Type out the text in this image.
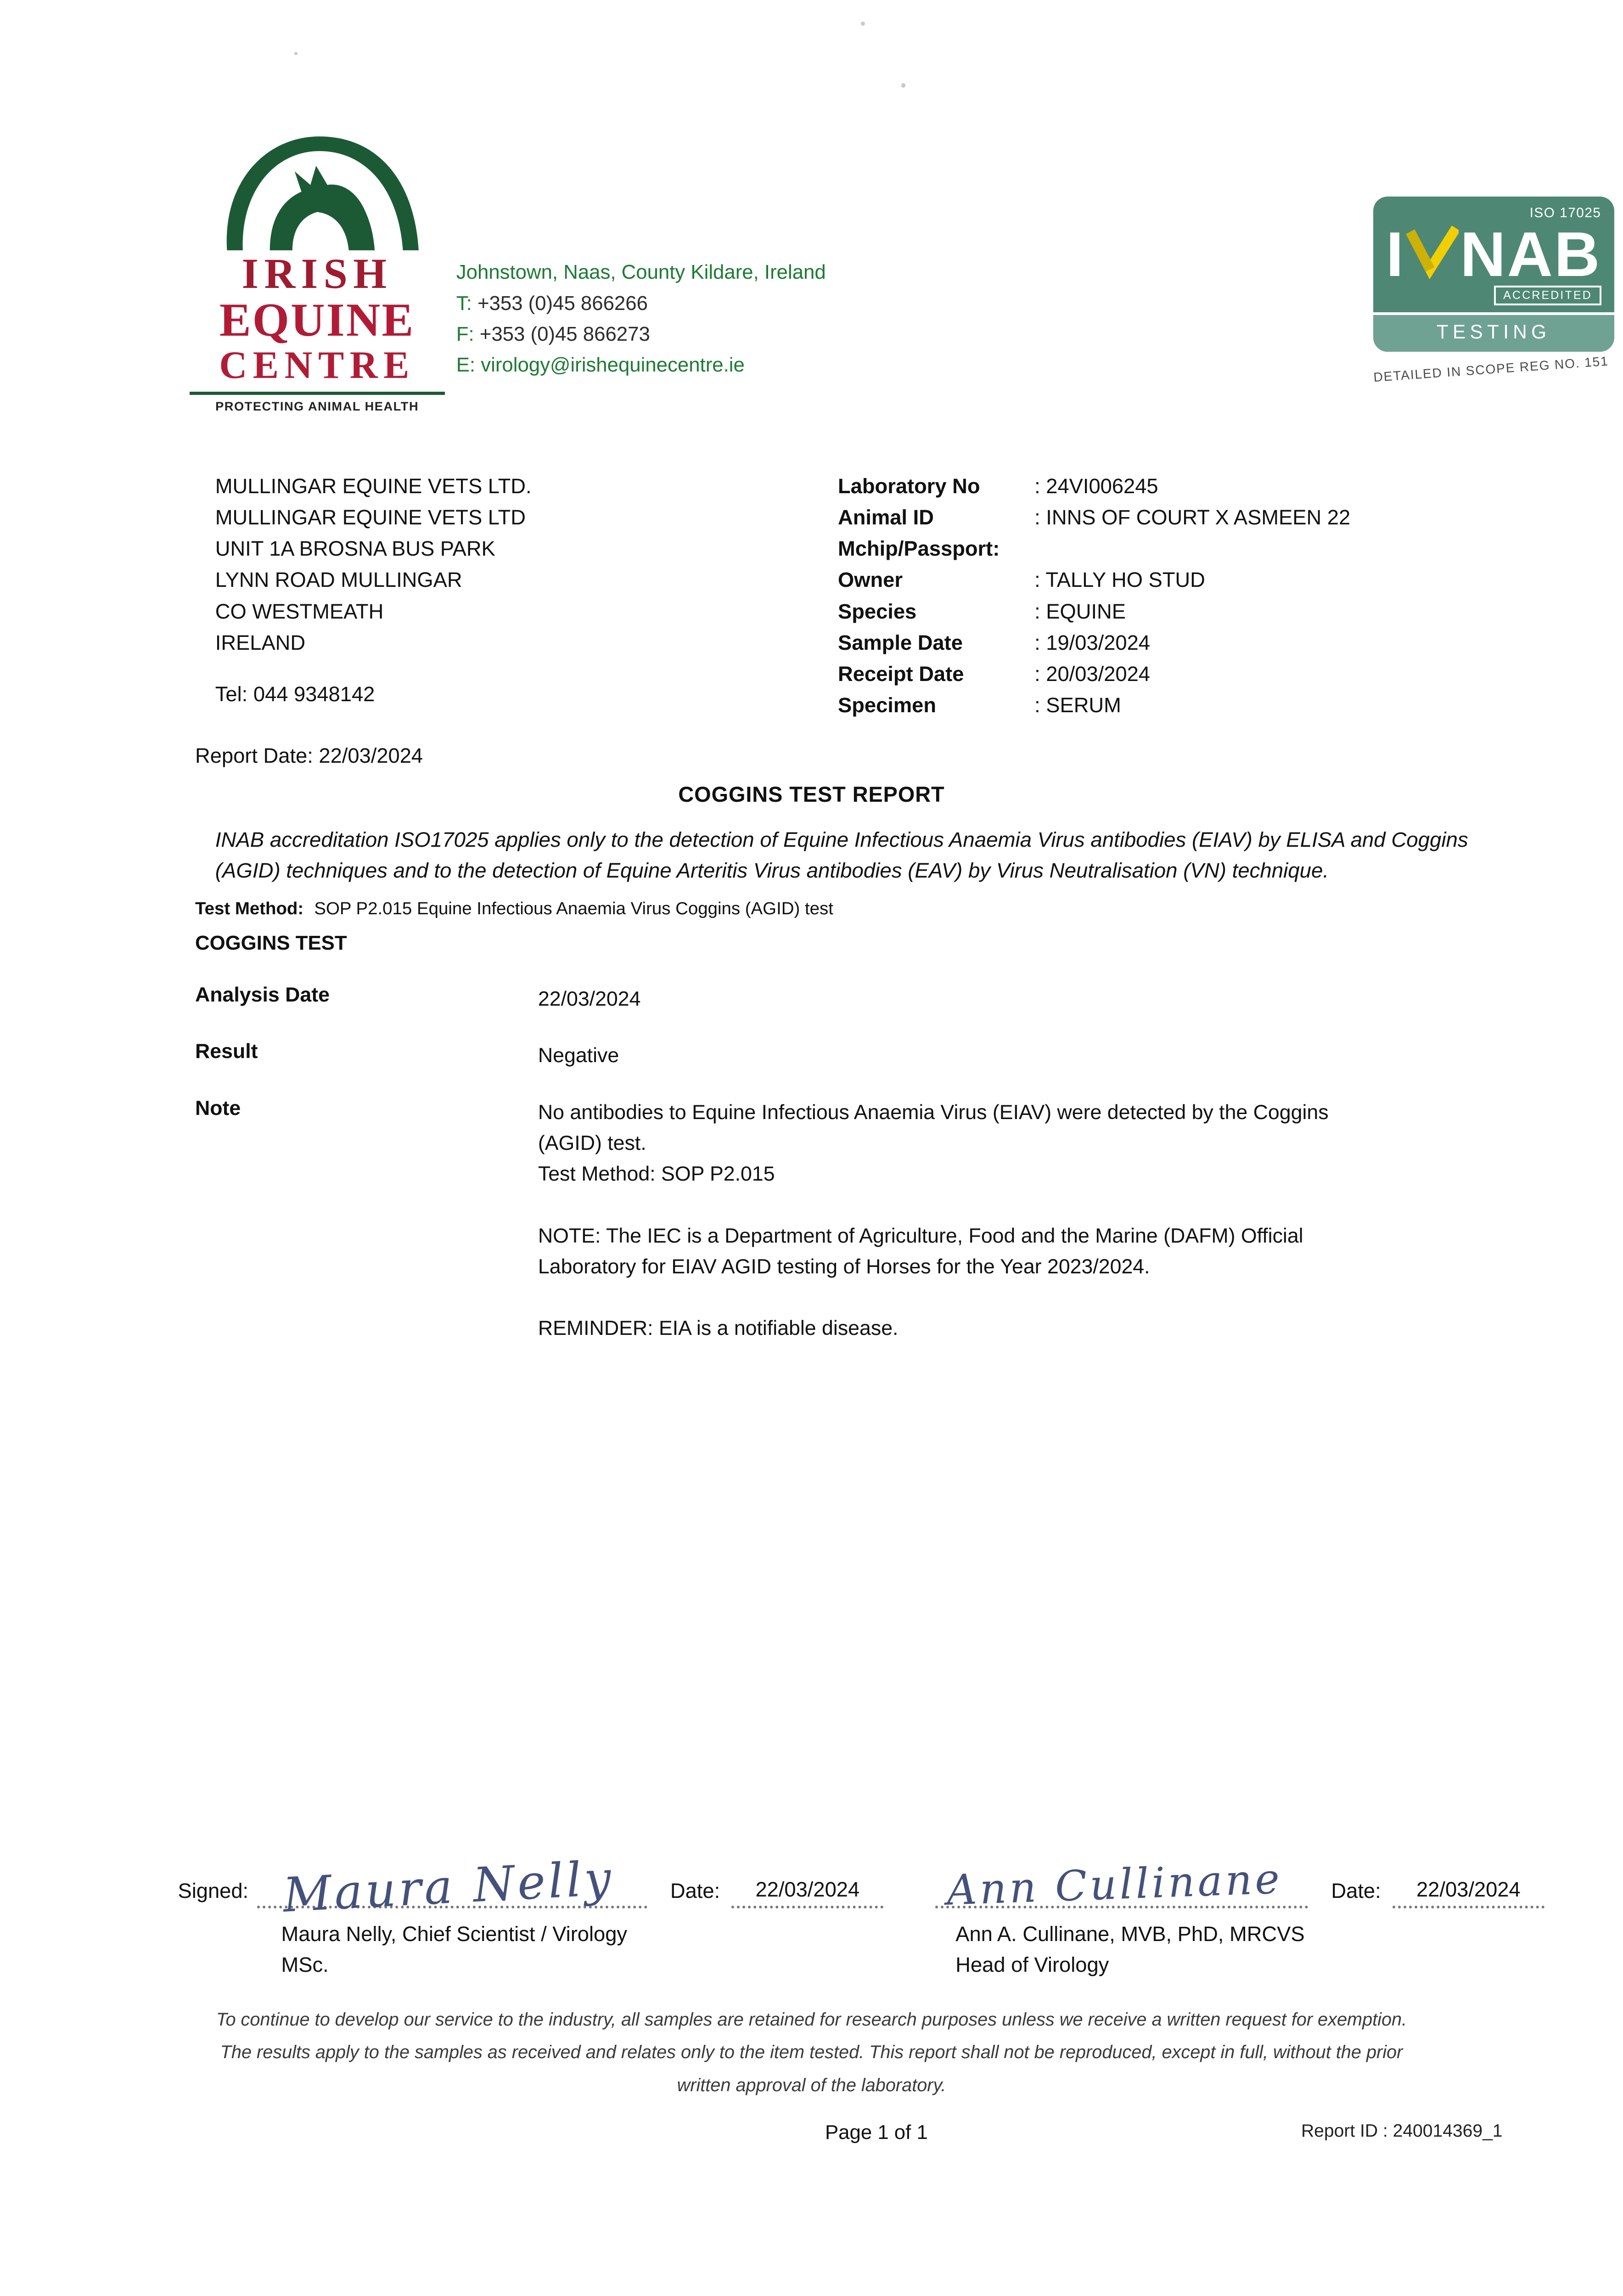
IRISH
EQUINE
CENTRE
PROTECTING ANIMAL HEALTH
Johnstown, Naas, County Kildare, Ireland
T: +353 (0)45 866266
F: +353 (0)45 866273
E: virology@irishequinecentre.ie
ISO 17025
I	NAB
ACCREDITED
TESTING
DETAILED IN SCOPE REG NO. 151
MULLINGAR EQUINE VETS LTD.
MULLINGAR EQUINE VETS LTD
UNIT 1A BROSNA BUS PARK
LYNN ROAD MULLINGAR
CO WESTMEATH
IRELAND
Tel: 044 9348142
Laboratory No	: 24VI006245
Animal ID	: INNS OF COURT X ASMEEN 22
Mchip/Passport:
Owner	: TALLY HO STUD
Species	: EQUINE
Sample Date	: 19/03/2024
Receipt Date	: 20/03/2024
Specimen	: SERUM
Report Date: 22/03/2024
COGGINS TEST REPORT

INAB accreditation ISO17025 applies only to the detection of Equine Infectious Anaemia Virus antibodies (EIAV) by ELISA and Coggins (AGID) techniques and to the detection of Equine Arteritis Virus antibodies (EAV) by Virus Neutralisation (VN) technique.

Test Method: SOP P2.015 Equine Infectious Anaemia Virus Coggins (AGID) test
COGGINS TEST
Analysis Date	22/03/2024
Result	Negative
Note	No antibodies to Equine Infectious Anaemia Virus (EIAV) were detected by the Coggins (AGID) test.

Test Method: SOP P2.015

NOTE: The IEC is a Department of Agriculture, Food and the Marine (DAFM) Official Laboratory for EIAV AGID testing of Horses for the Year 2023/2024.

REMINDER: EIA is a notifiable disease.

Signed: Maura Nelly	Date:	22/03/2024	Ann Cullinane	Date:	22/03/2024
Maura Nelly, Chief Scientist / Virology
MSc.
Ann A. Cullinane, MVB, PhD, MRCVS
Head of Virology

To continue to develop our service to the industry, all samples are retained for research purposes unless we receive a written request for exemption.

The results apply to the samples as received and relates only to the item tested. This report shall not be reproduced, except in full, without the prior written approval of the laboratory.

Page 1 of 1	Report ID : 240014369_1
